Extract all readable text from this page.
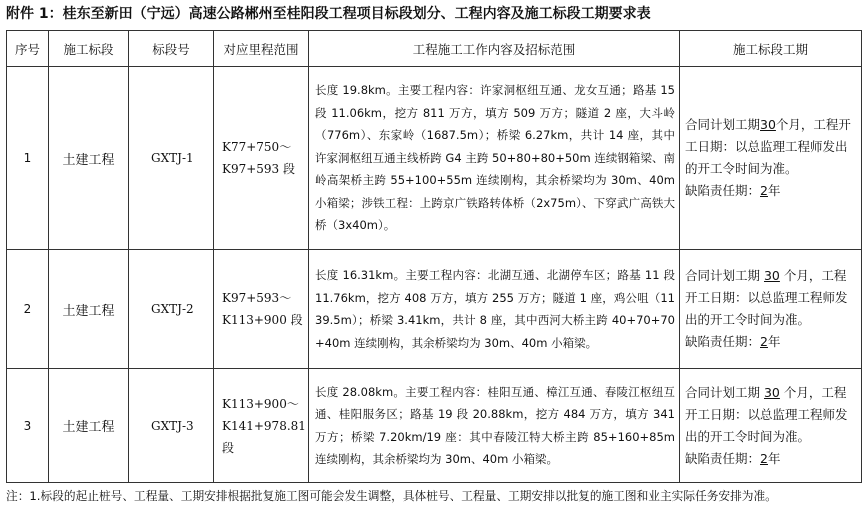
附件 1：桂东至新田（宁远）高速公路郴州至桂阳段工程项目标段划分、工程内容及施工标段工期要求表
序号	施工标段	标段号	对应里程范围	工程施工工作内容及招标范围	施工标段工期
1	土建工程	GXTJ-1	K77+750～K97+593 段	长度 19.8km。主要工程内容：许家洞枢纽互通、龙女互通；路基 15 段 11.06km，挖方 811 万方，填方 509 万方；隧道 2 座，大斗岭（776m）、东家岭（1687.5m）；桥梁 6.27km，共计 14 座，其中许家洞枢纽互通主线桥跨 G4 主跨 50+80+80+50m 连续钢箱梁、南岭高架桥主跨 55+100+55m 连续刚构，其余桥梁均为 30m、40m 小箱梁；涉铁工程：上跨京广铁路转体桥（2x75m）、下穿武广高铁大桥（3x40m）。	合同计划工期30个月，工程开工日期：以总监理工程师发出的开工令时间为准。
缺陷责任期：2年
2	土建工程	GXTJ-2	K97+593～K113+900 段	长度 16.31km。主要工程内容：北湖互通、北湖停车区；路基 11 段 11.76km，挖方 408 万方，填方 255 万方；隧道 1 座，鸡公咀（1139.5m）；桥梁 3.41km，共计 8 座，其中西河大桥主跨 40+70+70+40m 连续刚构，其余桥梁均为 30m、40m 小箱梁。	合同计划工期 30 个月，工程开工日期：以总监理工程师发出的开工令时间为准。
缺陷责任期：2年
3	土建工程	GXTJ-3	K113+900～K141+978.81 段	长度 28.08km。主要工程内容：桂阳互通、樟江互通、春陵江枢纽互通、桂阳服务区；路基 19 段 20.88km，挖方 484 万方，填方 341 万方；桥梁 7.20km/19 座：其中春陵江特大桥主跨 85+160+85m 连续刚构，其余桥梁均为 30m、40m 小箱梁。	合同计划工期 30 个月，工程开工日期：以总监理工程师发出的开工令时间为准。
缺陷责任期：2年
注：1.标段的起止桩号、工程量、工期安排根据批复施工图可能会发生调整，具体桩号、工程量、工期安排以批复的施工图和业主实际任务安排为准。
